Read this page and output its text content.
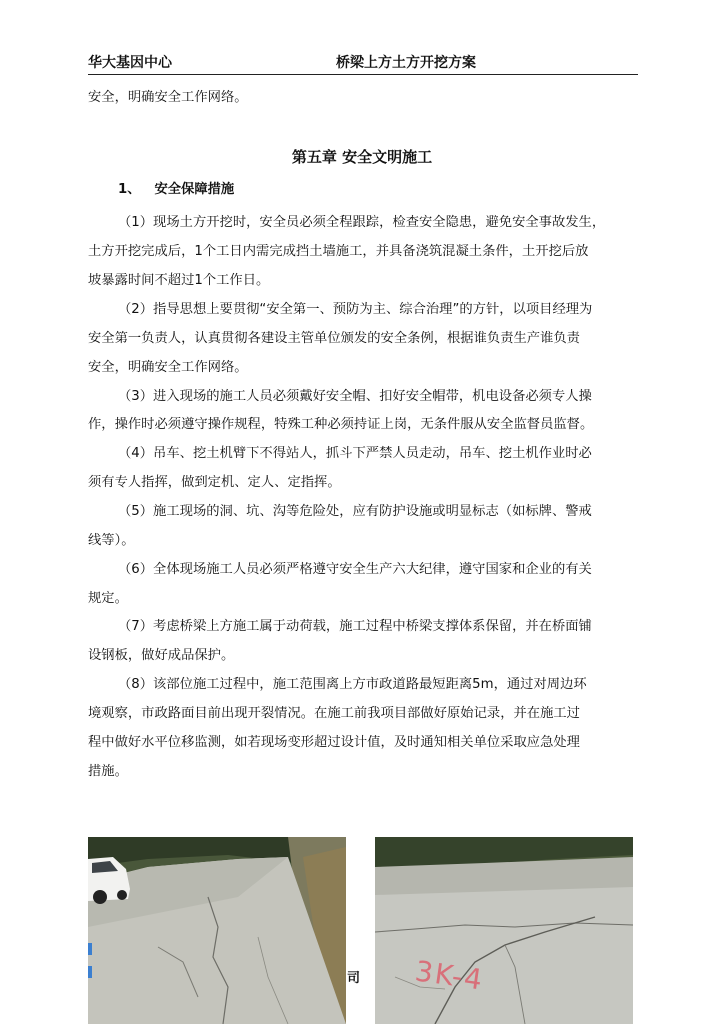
华大基因中心	桥梁上方土方开挖方案
安全，明确安全工作网络。
第五章 安全文明施工
1、 安全保障措施
（1）现场土方开挖时，安全员必须全程跟踪，检查安全隐患，避免安全事故发生，
土方开挖完成后，1个工日内需完成挡土墙施工，并具备浇筑混凝土条件，土开挖后放
坡暴露时间不超过1个工作日。
（2）指导思想上要贯彻“安全第一、预防为主、综合治理”的方针，以项目经理为
安全第一负责人，认真贯彻各建设主管单位颁发的安全条例，根据谁负责生产谁负责
安全，明确安全工作网络。
（3）进入现场的施工人员必须戴好安全帽、扣好安全帽带，机电设备必须专人操
作，操作时必须遵守操作规程，特殊工种必须持证上岗，无条件服从安全监督员监督。
（4）吊车、挖土机臂下不得站人，抓斗下严禁人员走动，吊车、挖土机作业时必
须有专人指挥，做到定机、定人、定指挥。
（5）施工现场的洞、坑、沟等危险处，应有防护设施或明显标志（如标牌、警戒
线等）。
（6）全体现场施工人员必须严格遵守安全生产六大纪律，遵守国家和企业的有关
规定。
（7）考虑桥梁上方施工属于动荷载，施工过程中桥梁支撑体系保留，并在桥面铺
设钢板，做好成品保护。
（8）该部位施工过程中，施工范围离上方市政道路最短距离5m，通过对周边环
境观察，市政路面目前出现开裂情况。在施工前我项目部做好原始记录，并在施工过
程中做好水平位移监测，如若现场变形超过设计值，及时通知相关单位采取应急处理
措施。
3K-4
司
